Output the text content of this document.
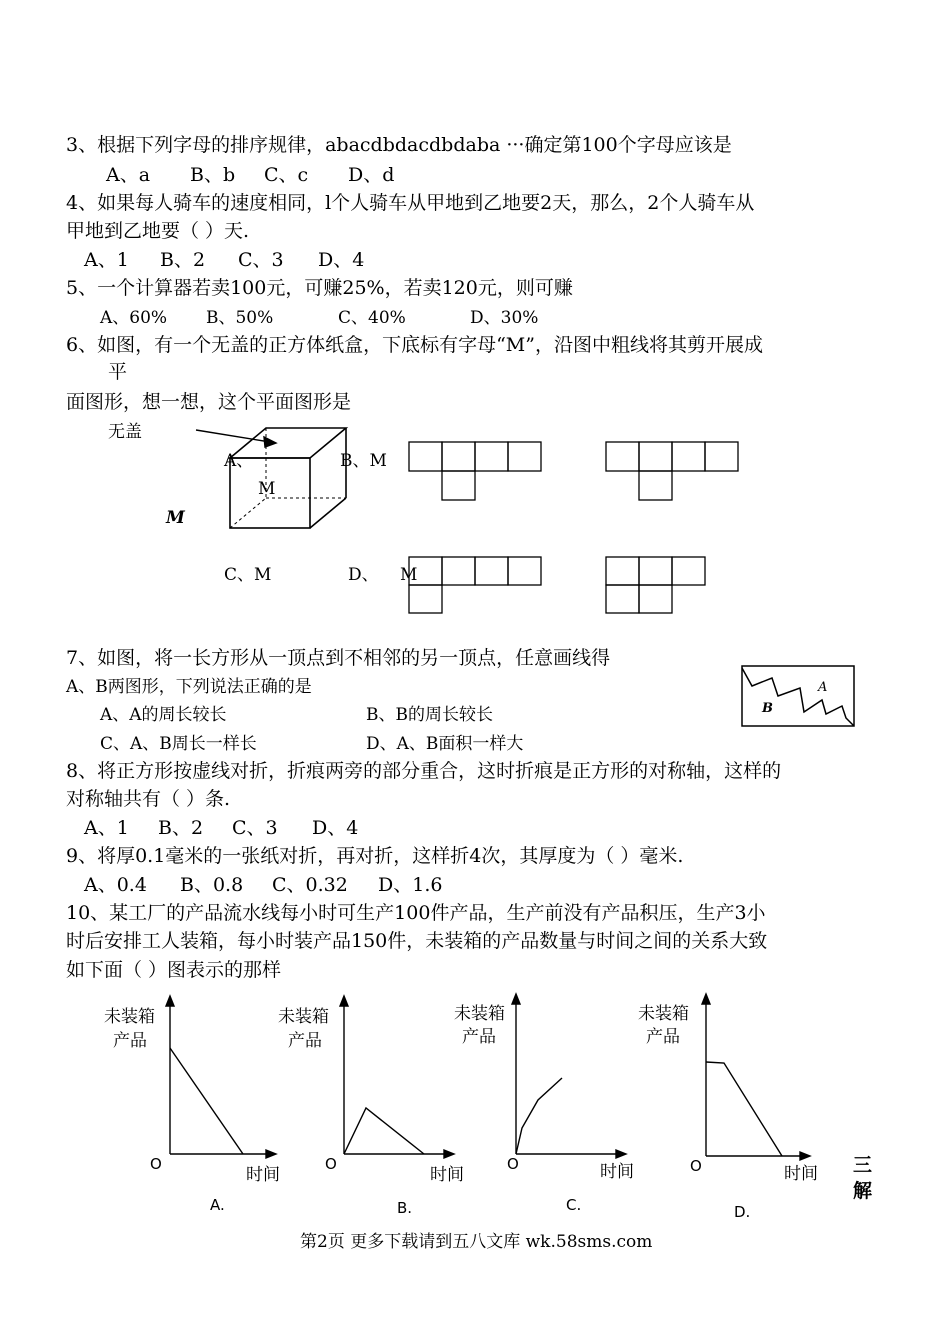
3、根据下列字母的排序规律，abacdbdacdbdaba ···确定第100个字母应该是
A、a B、b C、c D、d
4、如果每人骑车的速度相同，l个人骑车从甲地到乙地要2天，那么，2个人骑车从
甲地到乙地要（ ）天.
A、1 B、2 C、3 D、4
5、一个计算器若卖100元，可赚25%，若卖120元，则可赚
A、60% B、50%	C、40%	D、30%
6、如图，有一个无盖的正方体纸盒，下底标有字母“M”，沿图中粗线将其剪开展成
平
面图形，想一想，这个平面图形是
无盖
A、	B、M
M
M
C、M	D、 M
7、如图，将一长方形从一顶点到不相邻的另一顶点，任意画线得
A、B两图形，下列说法正确的是
A、A的周长较长	B、B的周长较长
C、A、B周长一样长	D、A、B面积一样大
A
B
8、将正方形按虚线对折，折痕两旁的部分重合，这时折痕是正方形的对称轴，这样的
对称轴共有（ ）条.
A、1 B、2 C、3 D、4
9、将厚0.1毫米的一张纸对折，再对折，这样折4次，其厚度为（ ）毫米.
A、0.4 B、0.8 C、0.32 D、1.6
10、某工厂的产品流水线每小时可生产100件产品，生产前没有产品积压，生产3小
时后安排工人装箱，每小时装产品150件，未装箱的产品数量与时间之间的关系大致
如下面（ ）图表示的那样
未装箱
产品
O
时间
A.
未装箱
产品
O
时间
B.
未装箱
产品
O	时间
C.
未装箱
产品
O	时间
D.
三解
第2页 更多下载请到五八文库 wk.58sms.com
